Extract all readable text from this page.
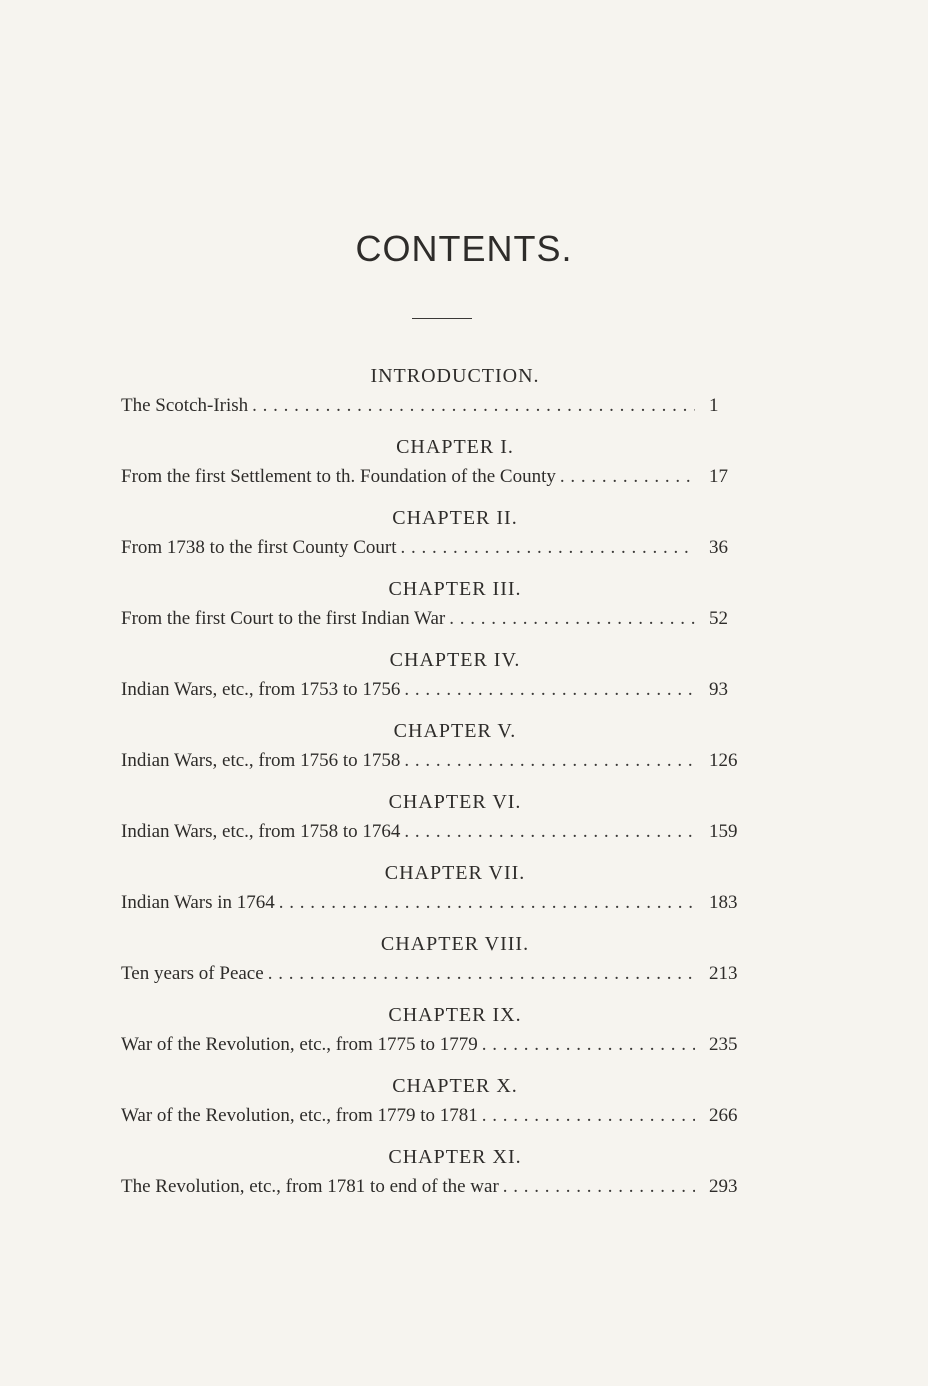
CONTENTS.
INTRODUCTION.
The Scotch-Irish . . .	1
CHAPTER I.
From the first Settlement to th. Foundation of the County . . .	17
CHAPTER II.
From 1738 to the first County Court . . .	36
CHAPTER III.
From the first Court to the first Indian War . . .	52
CHAPTER IV.
Indian Wars, etc., from 1753 to 1756 . . .	93
CHAPTER V.
Indian Wars, etc., from 1756 to 1758 . . .	126
CHAPTER VI.
Indian Wars, etc., from 1758 to 1764 . . .	159
CHAPTER VII.
Indian Wars in 1764 . . .	183
CHAPTER VIII.
Ten years of Peace . . .	213
CHAPTER IX.
War of the Revolution, etc., from 1775 to 1779 . . .	235
CHAPTER X.
War of the Revolution, etc., from 1779 to 1781 . . .	266
CHAPTER XI.
The Revolution, etc., from 1781 to end of the war . . .	293
